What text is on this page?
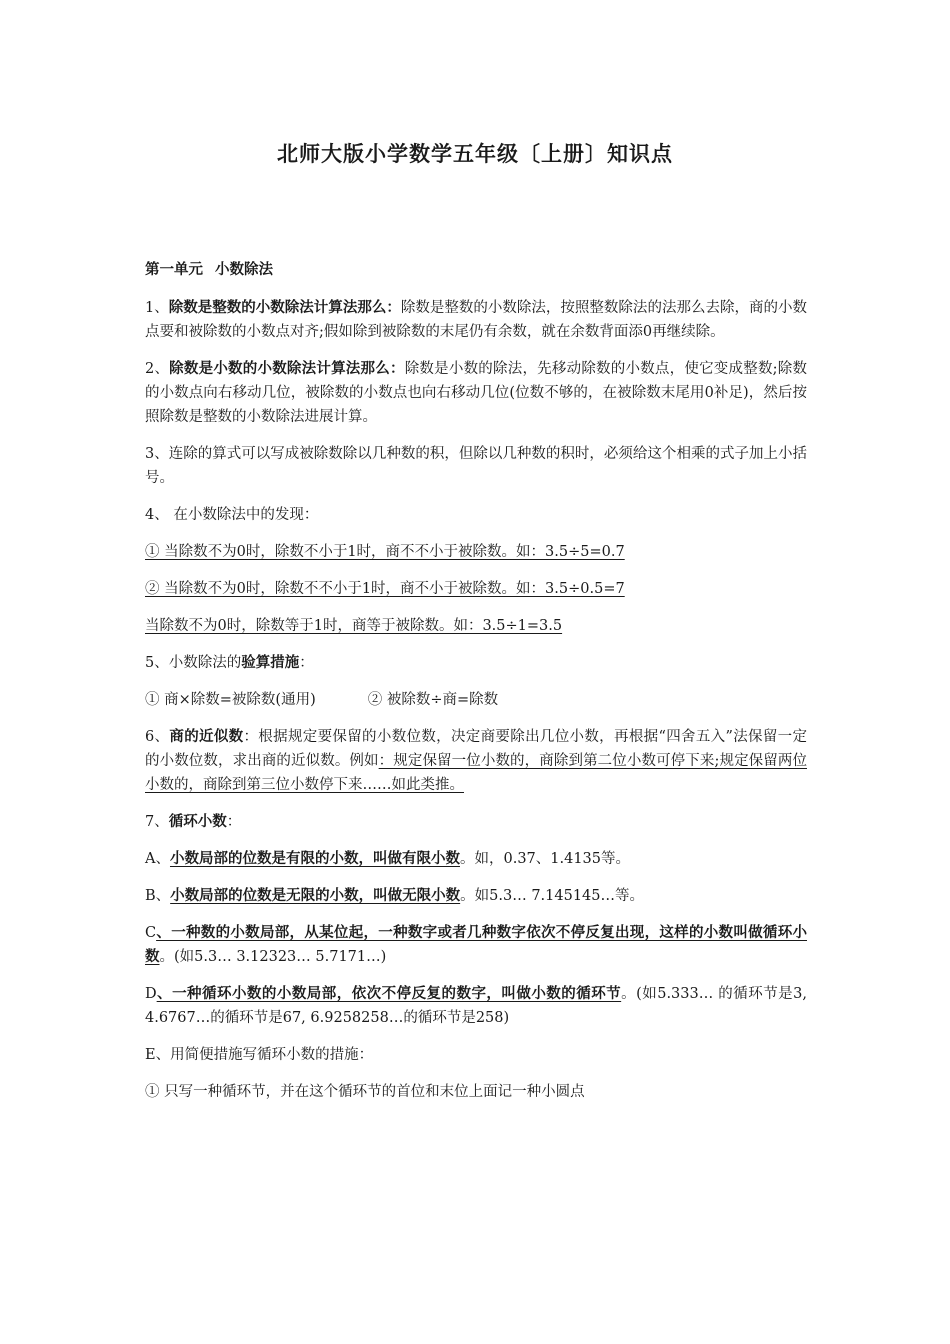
北师大版小学数学五年级〔上册〕知识点

第一单元 小数除法

1、除数是整数的小数除法计算法那么：除数是整数的小数除法，按照整数除法的法那么去除，商的小数点要和被除数的小数点对齐;假如除到被除数的末尾仍有余数，就在余数背面添0再继续除。

2、除数是小数的小数除法计算法那么：除数是小数的除法，先移动除数的小数点，使它变成整数;除数的小数点向右移动几位，被除数的小数点也向右移动几位(位数不够的，在被除数末尾用0补足)，然后按照除数是整数的小数除法进展计算。

3、连除的算式可以写成被除数除以几种数的积，但除以几种数的积时，必须给这个相乘的式子加上小括号。

4、 在小数除法中的发现：

① 当除数不为0时，除数不小于1时，商不不小于被除数。如：3.5÷5=0.7

② 当除数不为0时，除数不不小于1时，商不小于被除数。如：3.5÷0.5=7

当除数不为0时，除数等于1时，商等于被除数。如：3.5÷1=3.5

5、小数除法的验算措施：

① 商×除数=被除数(通用)	② 被除数÷商=除数

6、商的近似数：根据规定要保留的小数位数，决定商要除出几位小数，再根据“四舍五入”法保留一定的小数位数，求出商的近似数。例如：规定保留一位小数的，商除到第二位小数可停下来;规定保留两位小数的，商除到第三位小数停下来……如此类推。

7、循环小数：

A、小数局部的位数是有限的小数，叫做有限小数。如，0.37、1.4135等。

B、小数局部的位数是无限的小数，叫做无限小数。如5.3… 7.145145…等。

C、一种数的小数局部，从某位起，一种数字或者几种数字依次不停反复出现，这样的小数叫做循环小数。(如5.3… 3.12323… 5.7171…)

D、一种循环小数的小数局部，依次不停反复的数字，叫做小数的循环节。(如5.333… 的循环节是3, 4.6767…的循环节是67, 6.9258258…的循环节是258)

E、用简便措施写循环小数的措施：

① 只写一种循环节，并在这个循环节的首位和末位上面记一种小圆点
